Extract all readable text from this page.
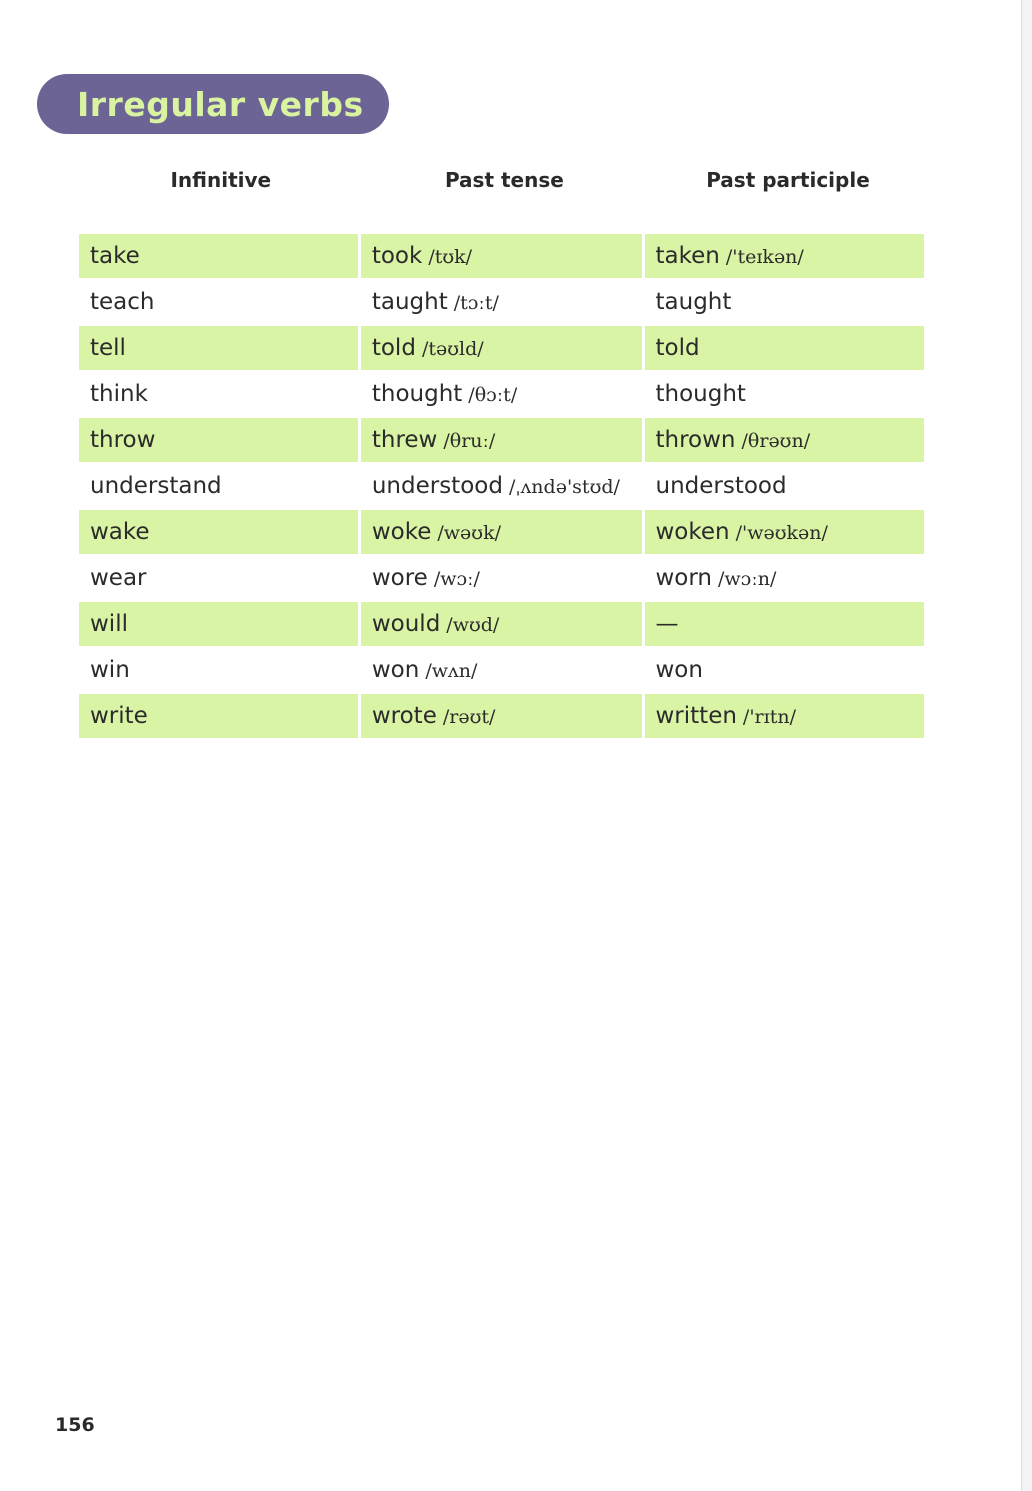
Irregular verbs
Infinitive	Past tense	Past participle
take	took /tʊk/	taken /'teɪkən/
teach	taught /tɔːt/	taught
tell	told /təʊld/	told
think	thought /θɔːt/	thought
throw	threw /θruː/	thrown /θrəʊn/
understand	understood /ˌʌndə'stʊd/	understood
wake	woke /wəʊk/	woken /'wəʊkən/
wear	wore /wɔː/	worn /wɔːn/
will	would /wʊd/	—
win	won /wʌn/	won
write	wrote /rəʊt/	written /'rɪtn/
156
